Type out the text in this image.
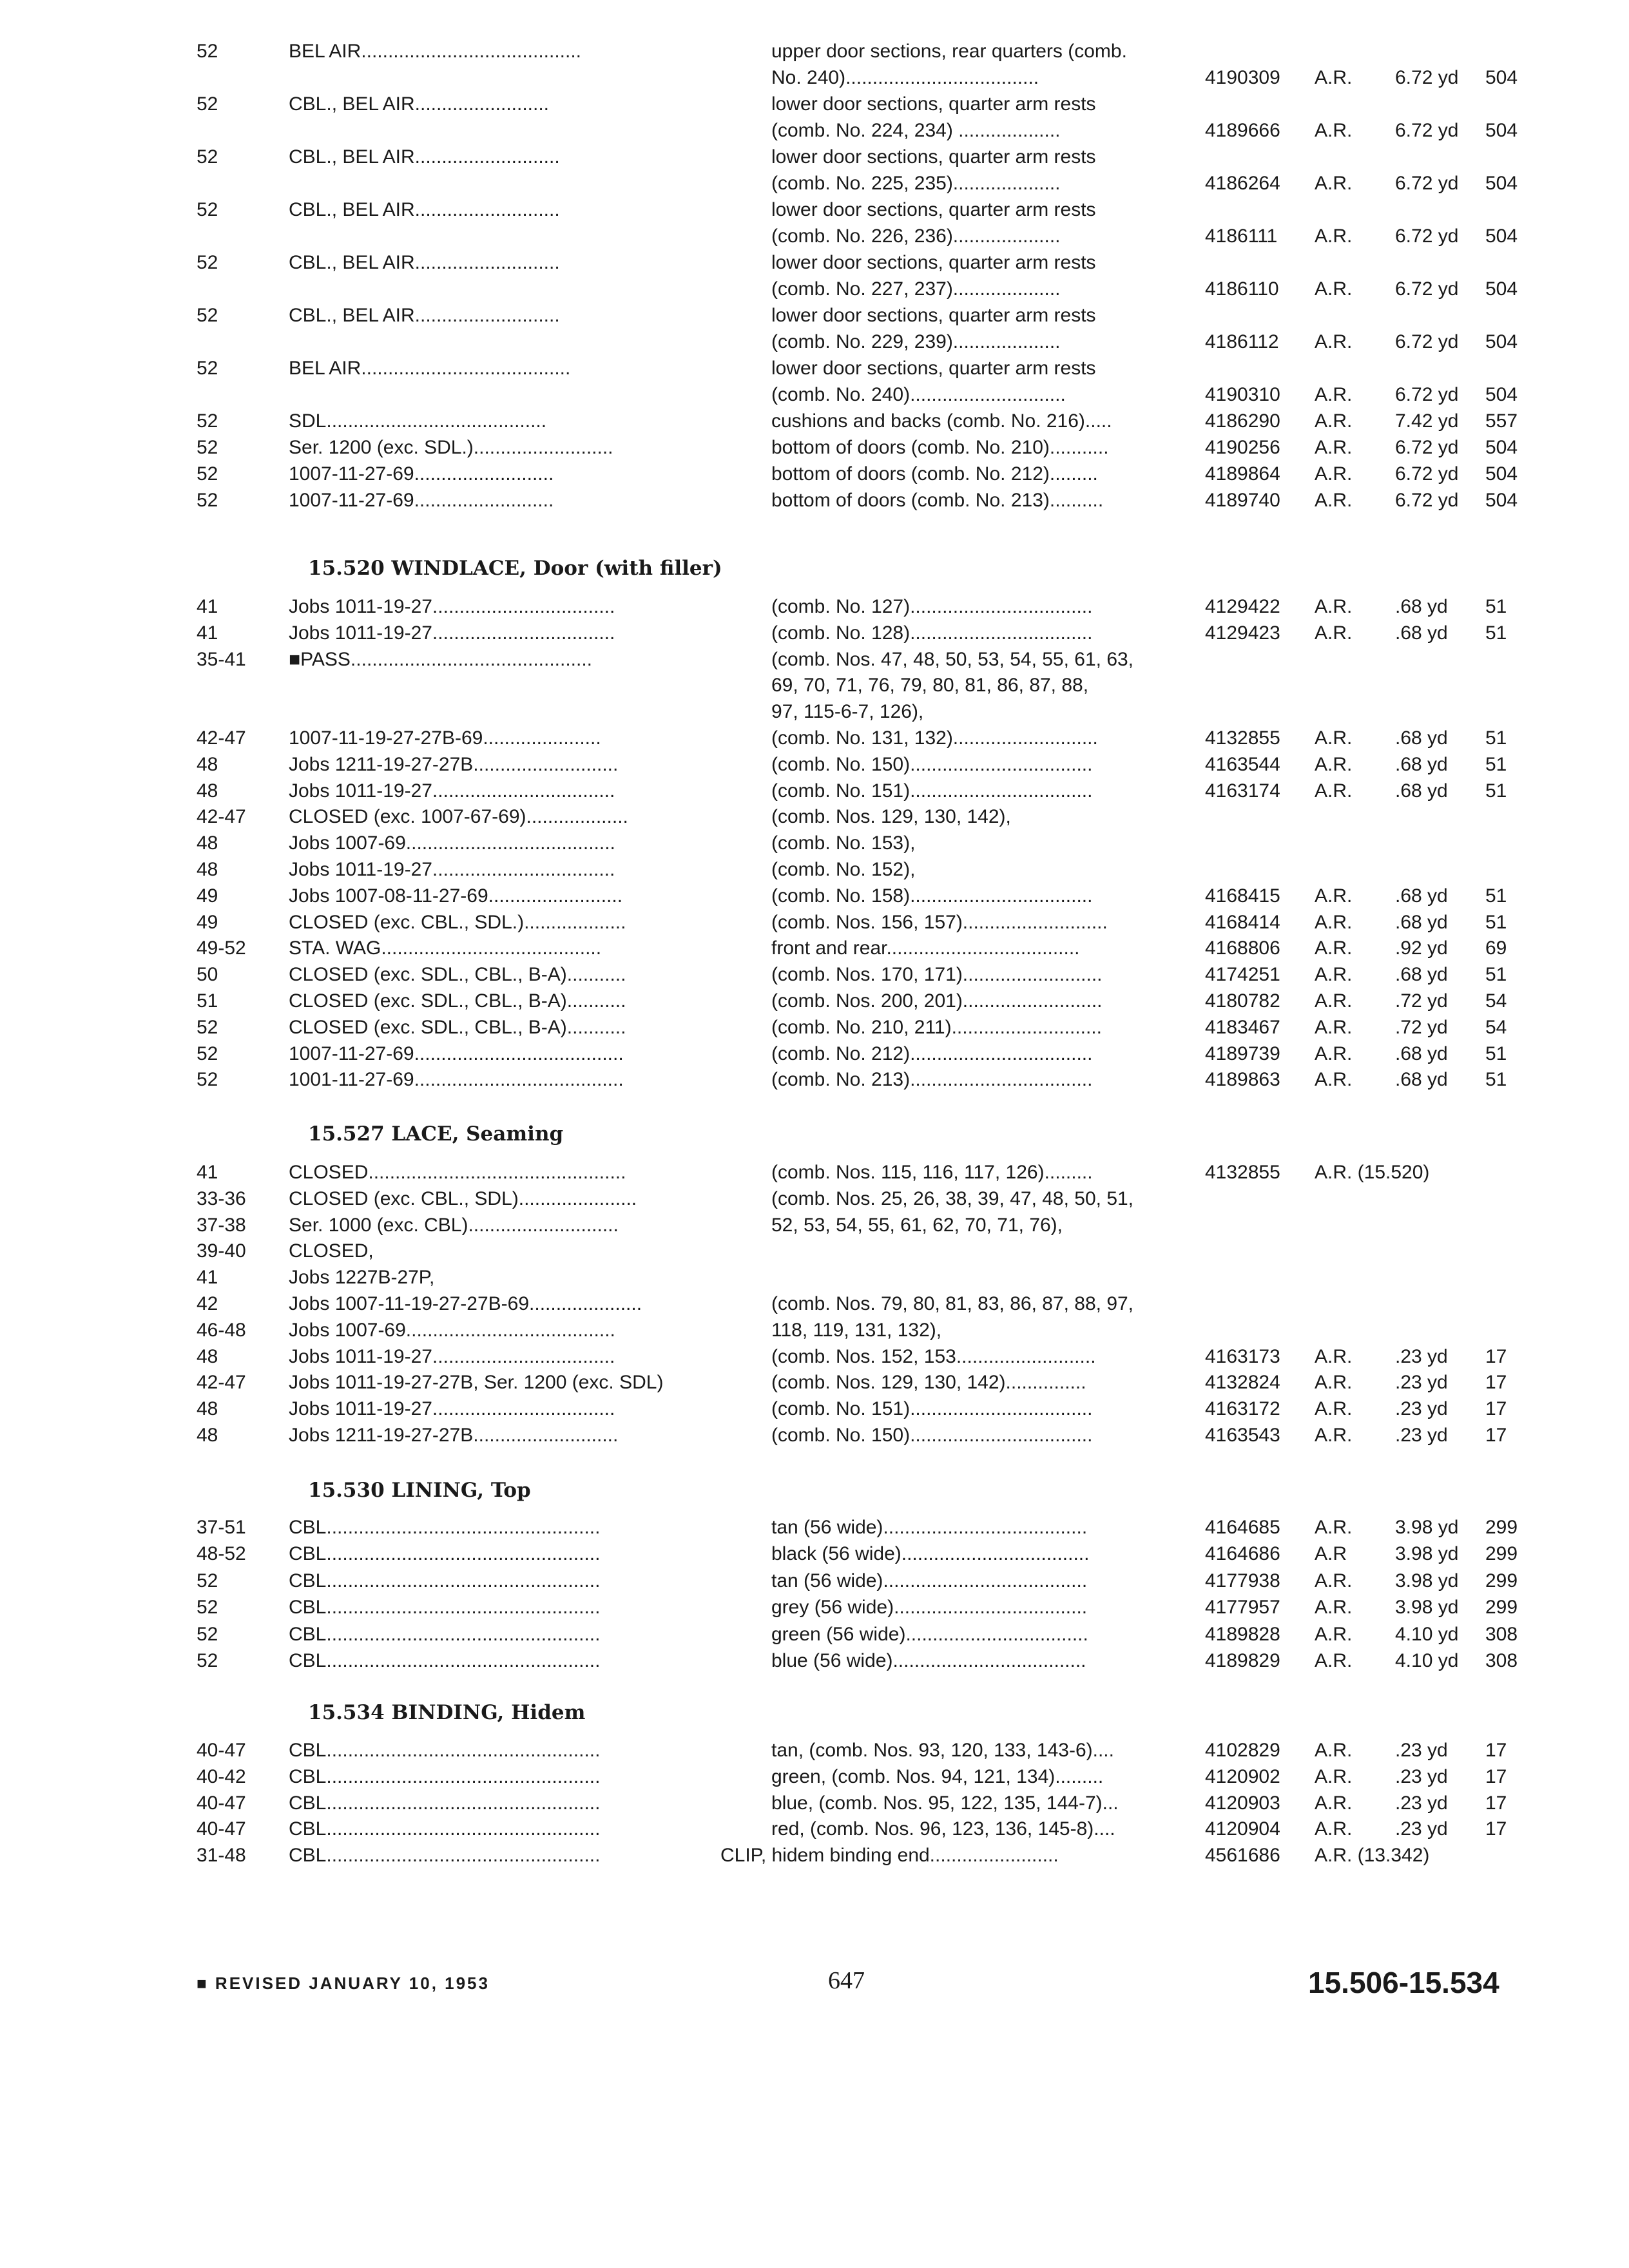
52	BEL AIR.........................................	upper door sections, rear quarters (comb.
No. 240)....................................	4190309 A.R. 6.72 yd 504
52	CBL., BEL AIR.........................	lower door sections, quarter arm rests
(comb. No. 224, 234) ...................	4189666 A.R. 6.72 yd 504
52	CBL., BEL AIR...........................	lower door sections, quarter arm rests
(comb. No. 225, 235)....................	4186264 A.R. 6.72 yd 504
52	CBL., BEL AIR...........................	lower door sections, quarter arm rests
(comb. No. 226, 236)....................	4186111 A.R. 6.72 yd 504
52	CBL., BEL AIR...........................	lower door sections, quarter arm rests
(comb. No. 227, 237)....................	4186110 A.R. 6.72 yd 504
52	CBL., BEL AIR...........................	lower door sections, quarter arm rests
(comb. No. 229, 239)....................	4186112 A.R. 6.72 yd 504
52	BEL AIR.......................................	lower door sections, quarter arm rests
(comb. No. 240).............................	4190310 A.R. 6.72 yd 504
52	SDL.........................................	cushions and backs (comb. No. 216).....	4186290 A.R. 7.42 yd 557
52	Ser. 1200 (exc. SDL.)..........................	bottom of doors (comb. No. 210)...........	4190256 A.R. 6.72 yd 504
52	1007-11-27-69..........................	bottom of doors (comb. No. 212).........	4189864 A.R. 6.72 yd 504
52	1007-11-27-69..........................	bottom of doors (comb. No. 213)..........	4189740 A.R. 6.72 yd 504
15.520 WINDLACE, Door (with filler)
41	Jobs 1011-19-27..................................	(comb. No. 127)..................................	4129422 A.R. .68 yd 51
41	Jobs 1011-19-27..................................	(comb. No. 128)..................................	4129423 A.R. .68 yd 51
35-41	■PASS.............................................	(comb. Nos. 47, 48, 50, 53, 54, 55, 61, 63,
69, 70, 71, 76, 79, 80, 81, 86, 87, 88,
97, 115-6-7, 126),
42-47	1007-11-19-27-27B-69......................	(comb. No. 131, 132)...........................	4132855 A.R. .68 yd 51
48	Jobs 1211-19-27-27B...........................	(comb. No. 150)..................................	4163544 A.R. .68 yd 51
48	Jobs 1011-19-27..................................	(comb. No. 151)..................................	4163174 A.R. .68 yd 51
42-47	CLOSED (exc. 1007-67-69)...................	(comb. Nos. 129, 130, 142),
48	Jobs 1007-69.......................................	(comb. No. 153),
48	Jobs 1011-19-27..................................	(comb. No. 152),
49	Jobs 1007-08-11-27-69.........................	(comb. No. 158)..................................	4168415 A.R. .68 yd 51
49	CLOSED (exc. CBL., SDL.)...................	(comb. Nos. 156, 157)...........................	4168414 A.R. .68 yd 51
49-52	STA. WAG.........................................	front and rear....................................	4168806 A.R. .92 yd 69
50	CLOSED (exc. SDL., CBL., B-A)...........	(comb. Nos. 170, 171)..........................	4174251 A.R. .68 yd 51
51	CLOSED (exc. SDL., CBL., B-A)...........	(comb. Nos. 200, 201)..........................	4180782 A.R. .72 yd 54
52	CLOSED (exc. SDL., CBL., B-A)...........	(comb. No. 210, 211)............................	4183467 A.R. .72 yd 54
52	1007-11-27-69.......................................	(comb. No. 212)..................................	4189739 A.R. .68 yd 51
52	1001-11-27-69.......................................	(comb. No. 213)..................................	4189863 A.R. .68 yd 51
15.527 LACE, Seaming
41	CLOSED................................................	(comb. Nos. 115, 116, 117, 126).........	4132855 A.R. (15.520)
33-36	CLOSED (exc. CBL., SDL)......................	(comb. Nos. 25, 26, 38, 39, 47, 48, 50, 51,
37-38	Ser. 1000 (exc. CBL)............................	52, 53, 54, 55, 61, 62, 70, 71, 76),
39-40	CLOSED,
41	Jobs 1227B-27P,
42	Jobs 1007-11-19-27-27B-69.....................	(comb. Nos. 79, 80, 81, 83, 86, 87, 88, 97,
46-48	Jobs 1007-69.......................................	118, 119, 131, 132),
48	Jobs 1011-19-27..................................	(comb. Nos. 152, 153..........................	4163173 A.R. .23 yd 17
42-47	Jobs 1011-19-27-27B, Ser. 1200 (exc. SDL)	(comb. Nos. 129, 130, 142)...............	4132824 A.R. .23 yd 17
48	Jobs 1011-19-27..................................	(comb. No. 151)..................................	4163172 A.R. .23 yd 17
48	Jobs 1211-19-27-27B...........................	(comb. No. 150)..................................	4163543 A.R. .23 yd 17
15.530 LINING, Top
37-51	CBL...................................................	tan (56 wide)......................................	4164685 A.R. 3.98 yd 299
48-52	CBL...................................................	black (56 wide)...................................	4164686 A.R 3.98 yd 299
52	CBL...................................................	tan (56 wide)......................................	4177938 A.R. 3.98 yd 299
52	CBL...................................................	grey (56 wide)....................................	4177957 A.R. 3.98 yd 299
52	CBL...................................................	green (56 wide)..................................	4189828 A.R. 4.10 yd 308
52	CBL...................................................	blue (56 wide)....................................	4189829 A.R. 4.10 yd 308
15.534 BINDING, Hidem
40-47	CBL...................................................	tan, (comb. Nos. 93, 120, 133, 143-6)....	4102829 A.R. .23 yd 17
40-42	CBL...................................................	green, (comb. Nos. 94, 121, 134).........	4120902 A.R. .23 yd 17
40-47	CBL...................................................	blue, (comb. Nos. 95, 122, 135, 144-7)...	4120903 A.R. .23 yd 17
40-47	CBL...................................................	red, (comb. Nos. 96, 123, 136, 145-8)....	4120904 A.R. .23 yd 17
31-48	CBL...................................................	CLIP, hidem binding end........................	4561686 A.R. (13.342)
■ REVISED JANUARY 10, 1953	647	15.506-15.534
